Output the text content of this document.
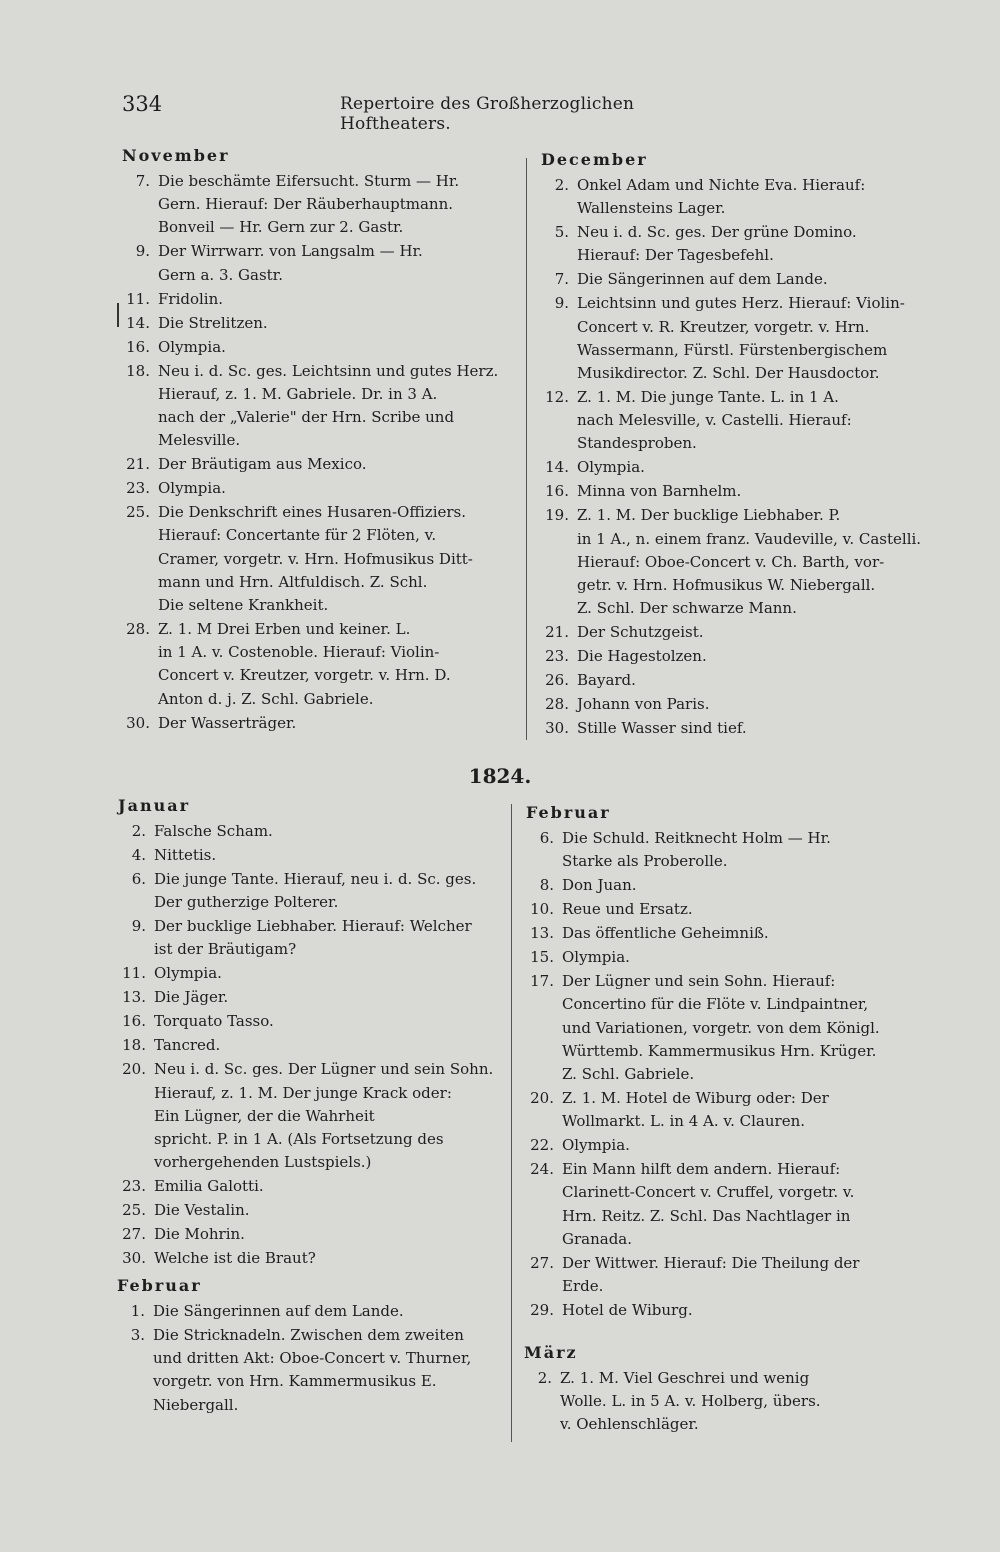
334	Repertoire des Großherzoglichen Hoftheaters.
1824.
November
7. Die beschämte Eifersucht. Sturm — Hr.
Gern. Hierauf: Der Räuberhauptmann.
Bonveil — Hr. Gern zur 2. Gastr.
9. Der Wirrwarr. von Langsalm — Hr.
Gern a. 3. Gastr.
11. Fridolin.
14. Die Strelitzen.
16. Olympia.
18. Neu i. d. Sc. ges. Leichtsinn und gutes Herz.
Hierauf, z. 1. M. Gabriele. Dr. in 3 A.
nach der „Valerie" der Hrn. Scribe und
Melesville.
21. Der Bräutigam aus Mexico.
23. Olympia.
25. Die Denkschrift eines Husaren-Offiziers.
Hierauf: Concertante für 2 Flöten, v.
Cramer, vorgetr. v. Hrn. Hofmusikus Ditt-
mann und Hrn. Altfuldisch. Z. Schl.
Die seltene Krankheit.
28. Z. 1. M Drei Erben und keiner. L.
in 1 A. v. Costenoble. Hierauf: Violin-
Concert v. Kreutzer, vorgetr. v. Hrn. D.
Anton d. j. Z. Schl. Gabriele.
30. Der Wasserträger.
December
2. Onkel Adam und Nichte Eva. Hierauf:
Wallensteins Lager.
5. Neu i. d. Sc. ges. Der grüne Domino.
Hierauf: Der Tagesbefehl.
7. Die Sängerinnen auf dem Lande.
9. Leichtsinn und gutes Herz. Hierauf: Violin-
Concert v. R. Kreutzer, vorgetr. v. Hrn.
Wassermann, Fürstl. Fürstenbergischem
Musikdirector. Z. Schl. Der Hausdoctor.
12. Z. 1. M. Die junge Tante. L. in 1 A.
nach Melesville, v. Castelli. Hierauf:
Standesproben.
14. Olympia.
16. Minna von Barnhelm.
19. Z. 1. M. Der bucklige Liebhaber. P.
in 1 A., n. einem franz. Vaudeville, v. Castelli.
Hierauf: Oboe-Concert v. Ch. Barth, vor-
getr. v. Hrn. Hofmusikus W. Niebergall.
Z. Schl. Der schwarze Mann.
21. Der Schutzgeist.
23. Die Hagestolzen.
26. Bayard.
28. Johann von Paris.
30. Stille Wasser sind tief.
Januar
2. Falsche Scham.
4. Nittetis.
6. Die junge Tante. Hierauf, neu i. d. Sc. ges.
Der gutherzige Polterer.
9. Der bucklige Liebhaber. Hierauf: Welcher
ist der Bräutigam?
11. Olympia.
13. Die Jäger.
16. Torquato Tasso.
18. Tancred.
20. Neu i. d. Sc. ges. Der Lügner und sein Sohn.
Hierauf, z. 1. M. Der junge Krack oder:
Ein Lügner, der die Wahrheit
spricht. P. in 1 A. (Als Fortsetzung des
vorhergehenden Lustspiels.)
23. Emilia Galotti.
25. Die Vestalin.
27. Die Mohrin.
30. Welche ist die Braut?
Februar
1. Die Sängerinnen auf dem Lande.
3. Die Stricknadeln. Zwischen dem zweiten
und dritten Akt: Oboe-Concert v. Thurner,
vorgetr. von Hrn. Kammermusikus E.
Niebergall.
Februar
6. Die Schuld. Reitknecht Holm — Hr.
Starke als Proberolle.
8. Don Juan.
10. Reue und Ersatz.
13. Das öffentliche Geheimniß.
15. Olympia.
17. Der Lügner und sein Sohn. Hierauf:
Concertino für die Flöte v. Lindpaintner,
und Variationen, vorgetr. von dem Königl.
Württemb. Kammermusikus Hrn. Krüger.
Z. Schl. Gabriele.
20. Z. 1. M. Hotel de Wiburg oder: Der
Wollmarkt. L. in 4 A. v. Clauren.
22. Olympia.
24. Ein Mann hilft dem andern. Hierauf:
Clarinett-Concert v. Cruffel, vorgetr. v.
Hrn. Reitz. Z. Schl. Das Nachtlager in
Granada.
27. Der Wittwer. Hierauf: Die Theilung der
Erde.
29. Hotel de Wiburg.
März
2. Z. 1. M. Viel Geschrei und wenig
Wolle. L. in 5 A. v. Holberg, übers.
v. Oehlenschläger.
